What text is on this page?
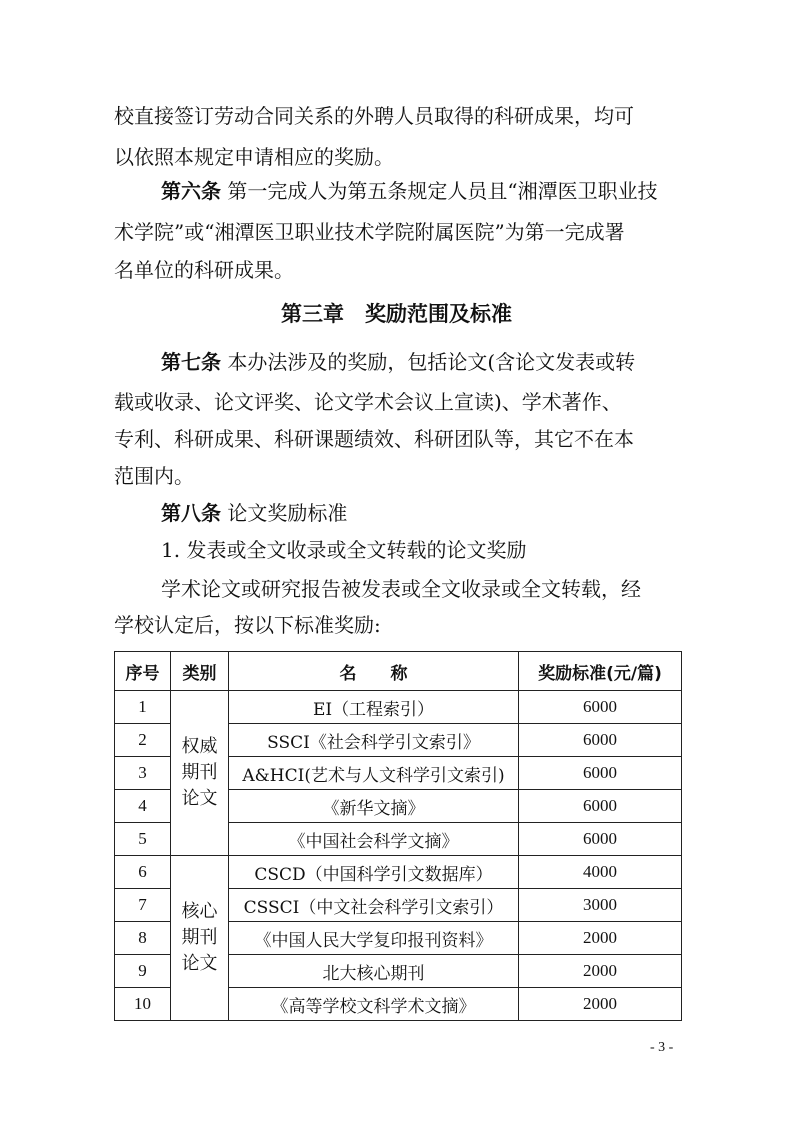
校直接签订劳动合同关系的外聘人员取得的科研成果，均可
以依照本规定申请相应的奖励。
第六条 第一完成人为第五条规定人员且“湘潭医卫职业技
术学院”或“湘潭医卫职业技术学院附属医院”为第一完成署
名单位的科研成果。
第三章　奖励范围及标准
第七条 本办法涉及的奖励，包括论文(含论文发表或转
载或收录、论文评奖、论文学术会议上宣读)、学术著作、
专利、科研成果、科研课题绩效、科研团队等，其它不在本
范围内。
第八条 论文奖励标准
1. 发表或全文收录或全文转载的论文奖励
学术论文或研究报告被发表或全文收录或全文转载，经
学校认定后，按以下标准奖励:
序号	类别	名　　称	奖励标准(元/篇)
1	权威期刊论文	EI（工程索引）	6000
2		SSCI《社会科学引文索引》	6000
3		A&HCI(艺术与人文科学引文索引)	6000
4		《新华文摘》	6000
5		《中国社会科学文摘》	6000
6	核心期刊论文	CSCD（中国科学引文数据库）	4000
7		CSSCI（中文社会科学引文索引）	3000
8		《中国人民大学复印报刊资料》	2000
9		北大核心期刊	2000
10		《高等学校文科学术文摘》	2000
- 3 -
